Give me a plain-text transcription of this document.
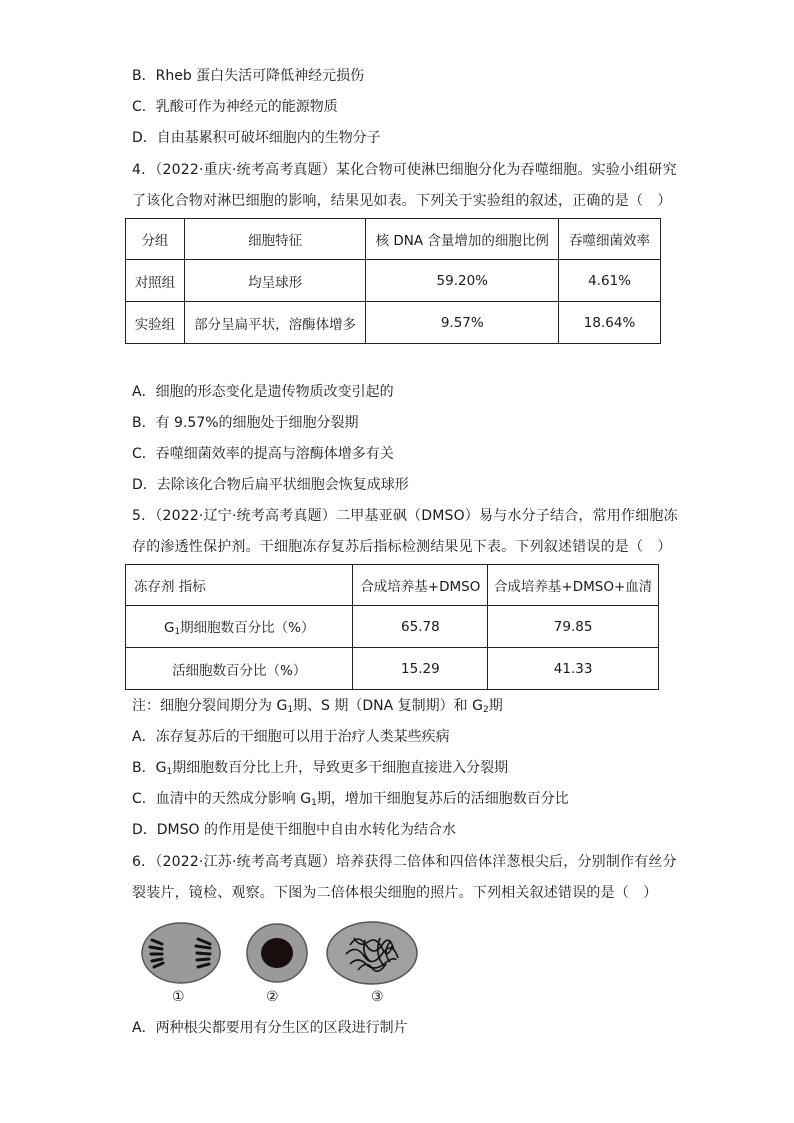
B．Rheb 蛋白失活可降低神经元损伤
C．乳酸可作为神经元的能源物质
D．自由基累积可破坏细胞内的生物分子
4．（2022·重庆·统考高考真题）某化合物可使淋巴细胞分化为吞噬细胞。实验小组研究
了该化合物对淋巴细胞的影响，结果见如表。下列关于实验组的叙述，正确的是（　）
分组	细胞特征	核 DNA 含量增加的细胞比例	吞噬细菌效率
对照组	均呈球形	59.20%	4.61%
实验组	部分呈扁平状，溶酶体增多	9.57%	18.64%
A．细胞的形态变化是遗传物质改变引起的
B．有 9.57%的细胞处于细胞分裂期
C．吞噬细菌效率的提高与溶酶体增多有关
D．去除该化合物后扁平状细胞会恢复成球形
5．（2022·辽宁·统考高考真题）二甲基亚砜（DMSO）易与水分子结合，常用作细胞冻
存的渗透性保护剂。干细胞冻存复苏后指标检测结果见下表。下列叙述错误的是（　）
冻存剂 指标	合成培养基+DMSO	合成培养基+DMSO+血清
$G_1$期细胞数百分比（%）	65.78	79.85
活细胞数百分比（%）	15.29	41.33
注：细胞分裂间期分为 $G_1$期、S 期（DNA 复制期）和 $G_2$期
A．冻存复苏后的干细胞可以用于治疗人类某些疾病
B．$G_1$期细胞数百分比上升，导致更多干细胞直接进入分裂期
C．血清中的天然成分影响 $G_1$期，增加干细胞复苏后的活细胞数百分比
D．DMSO 的作用是使干细胞中自由水转化为结合水
6．（2022·江苏·统考高考真题）培养获得二倍体和四倍体洋葱根尖后，分别制作有丝分
裂装片，镜检、观察。下图为二倍体根尖细胞的照片。下列相关叙述错误的是（　）
①	②	③
A．两种根尖都要用有分生区的区段进行制片
